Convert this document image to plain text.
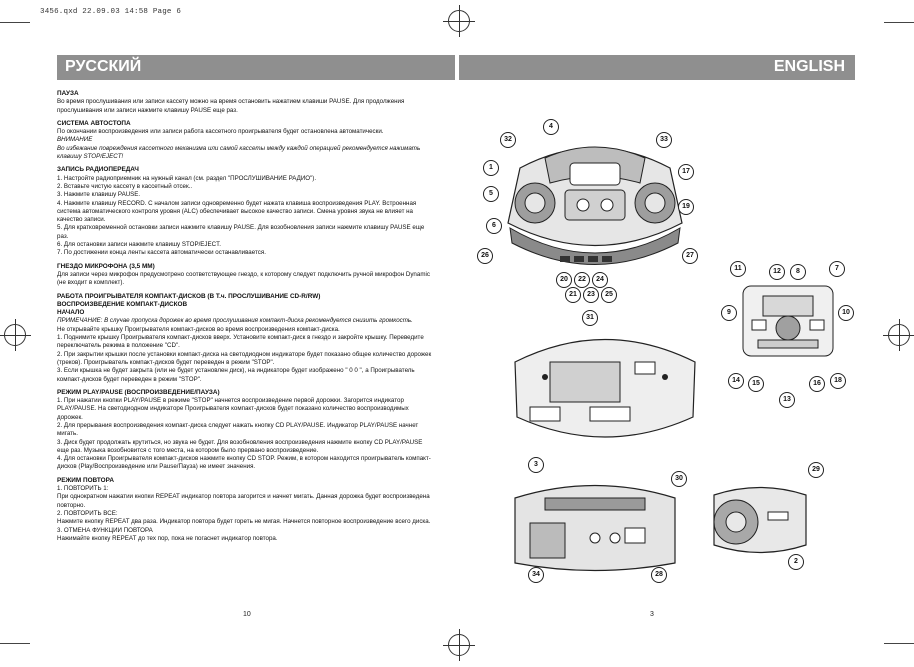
3456.qxd 22.09.03 14:58 Page 6
РУССКИЙ	ENGLISH
ПАУЗА

Во время прослушивания или записи кассету можно на время остановить нажатием клавиши PAUSE. Для продолжения прослушивания или записи нажмите клавишу PAUSE еще раз.

СИСТЕМА АВТОСТОПА

По окончании воспроизведения или записи работа кассетного проигрывателя будет остановлена автоматически.

ВНИМАНИЕ

Во избежание повреждения кассетного механизма или самой кассеты между каждой операцией рекомендуется нажимать клавишу STOP/EJECT!

ЗАПИСЬ РАДИОПЕРЕДАЧ

1. Настройте радиоприемник на нужный канал (см. раздел "ПРОСЛУШИВАНИЕ РАДИО").

2. Вставьте чистую кассету в кассетный отсек..

3. Нажмите клавишу PAUSE.

4. Нажмите клавишу RECORD. С началом записи одновременно будет нажата клавиша воспроизведения PLAY. Встроенная система автоматического контроля уровня (ALC) обеспечивает высокое качество записи. Смена уровня звука не влияет на качество записи.

5. Для кратковременной остановки записи нажмите клавишу PAUSE. Для возобновления записи нажмите клавишу PAUSE еще раз.

6. Для остановки записи нажмите клавишу STOP/EJECT.

7. По достижении конца ленты кассета автоматически останавливается.

ГНЕЗДО МИКРОФОНА (3,5 ММ)

Для записи через микрофон предусмотрено соответствующее гнездо, к которому следует подключить ручной микрофон Dynamic (не входит в комплект).

РАБОТА ПРОИГРЫВАТЕЛЯ КОМПАКТ-ДИСКОВ (В Т.ч. ПРОСЛУШИВАНИЕ CD-R/RW)
ВОСПРОИЗВЕДЕНИЕ КОМПАКТ-ДИСКОВ
НАЧАЛО

ПРИМЕЧАНИЕ: В случае пропуска дорожек во время прослушивания компакт-диска рекомендуется снизить громкость.

Не открывайте крышку Проигрывателя компакт-дисков во время воспроизведения компакт-диска.

1. Поднимите крышку Проигрывателя компакт-дисков вверх. Установите компакт-диск в гнездо и закройте крышку. Переведите переключатель режима в положение "CD".

2. При закрытии крышки после установки компакт-диска на светодиодном индикаторе будет показано общее количество дорожек (треков). Проигрыватель компакт-дисков будет переведен в режим "STOP".

3. Если крышка не будет закрыта (или не будет установлен диск), на индикаторе будет изображено " 0 0 ", а Проигрыватель компакт-дисков будет переведен в режим "STOP".

РЕЖИМ PLAY/PAUSE (ВОСПРОИЗВЕДЕНИЕ/ПАУЗА)

1. При нажатии кнопки PLAY/PAUSE в режиме "STOP" начнется воспроизведение первой дорожки. Загорится индикатор PLAY/PAUSE. На светодиодном индикаторе Проигрывателя компакт-дисков будет показано количество воспроизводимых дорожек.

2. Для прерывания воспроизведения компакт-диска следует нажать кнопку CD PLAY/PAUSE. Индикатор PLAY/PAUSE начнет мигать.

3. Диск будет продолжать крутиться, но звука не будет. Для возобновления воспроизведения нажмите кнопку CD PLAY/PAUSE еще раз. Музыка возобновится с того места, на котором было прервано воспроизведение.

4. Для остановки Проигрывателя компакт-дисков нажмите кнопку CD STOP. Режим, в котором находится проигрыватель компакт-дисков (Play/Воспроизведение или Pause/Пауза) не имеет значения.

РЕЖИМ ПОВТОРА

1. ПОВТОРИТЬ 1:

При однократном нажатии кнопки REPEAT индикатор повтора загорится и начнет мигать. Данная дорожка будет воспроизведена повторно.

2. ПОВТОРИТЬ ВСЕ:

Нажмите кнопку REPEAT два раза. Индикатор повтора будет гореть не мигая. Начнется повторное воспроизведение всего диска.

3. ОТМЕНА ФУНКЦИИ ПОВТОРА

Нажимайте кнопку REPEAT до тех пор, пока не погаснет индикатор повтора.

10	3
32
4
33
1
17
5
19
6
26	27
20	22	24
21	23	25
11	12	8	7
9	10
14	15	16	18
13
31
3
30
34	28
29
2
